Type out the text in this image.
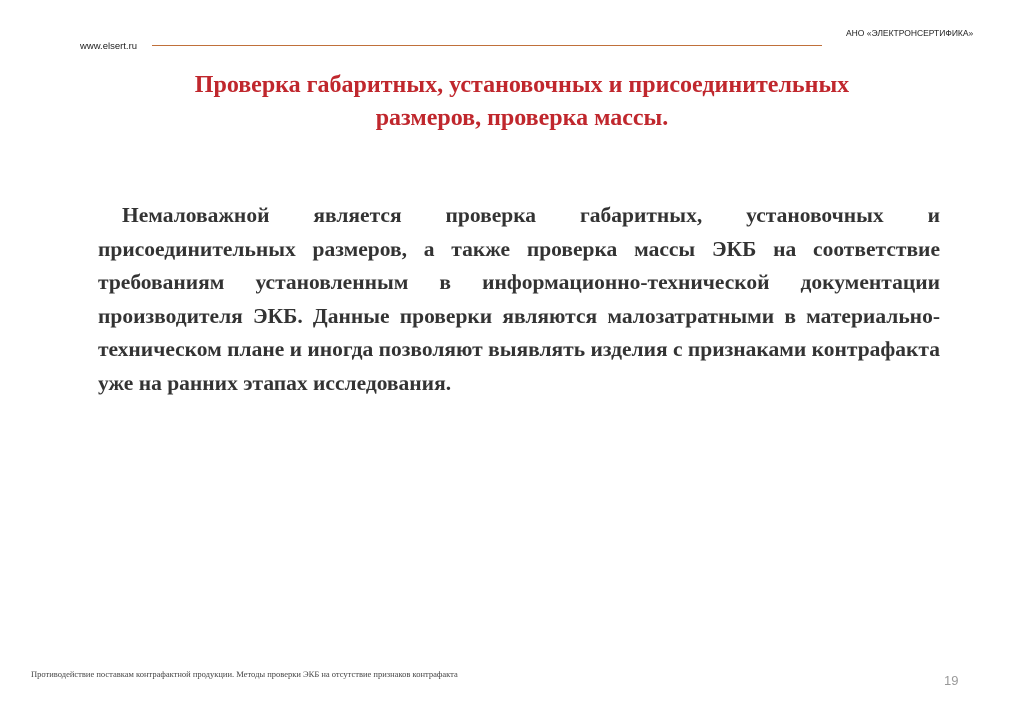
АНО «ЭЛЕКТРОНСЕРТИФИКА»
www.elsert.ru
Проверка габаритных, установочных и присоединительных размеров, проверка массы.
Немаловажной является проверка габаритных, установочных и присоединительных размеров, а также проверка массы ЭКБ на соответствие требованиям установленным в информационно-технической документации производителя ЭКБ. Данные проверки являются малозатратными в материально-техническом плане и иногда позволяют выявлять изделия с признаками контрафакта уже на ранних этапах исследования.
Противодействие поставкам контрафактной продукции. Методы проверки ЭКБ на отсутствие признаков контрафакта	19
